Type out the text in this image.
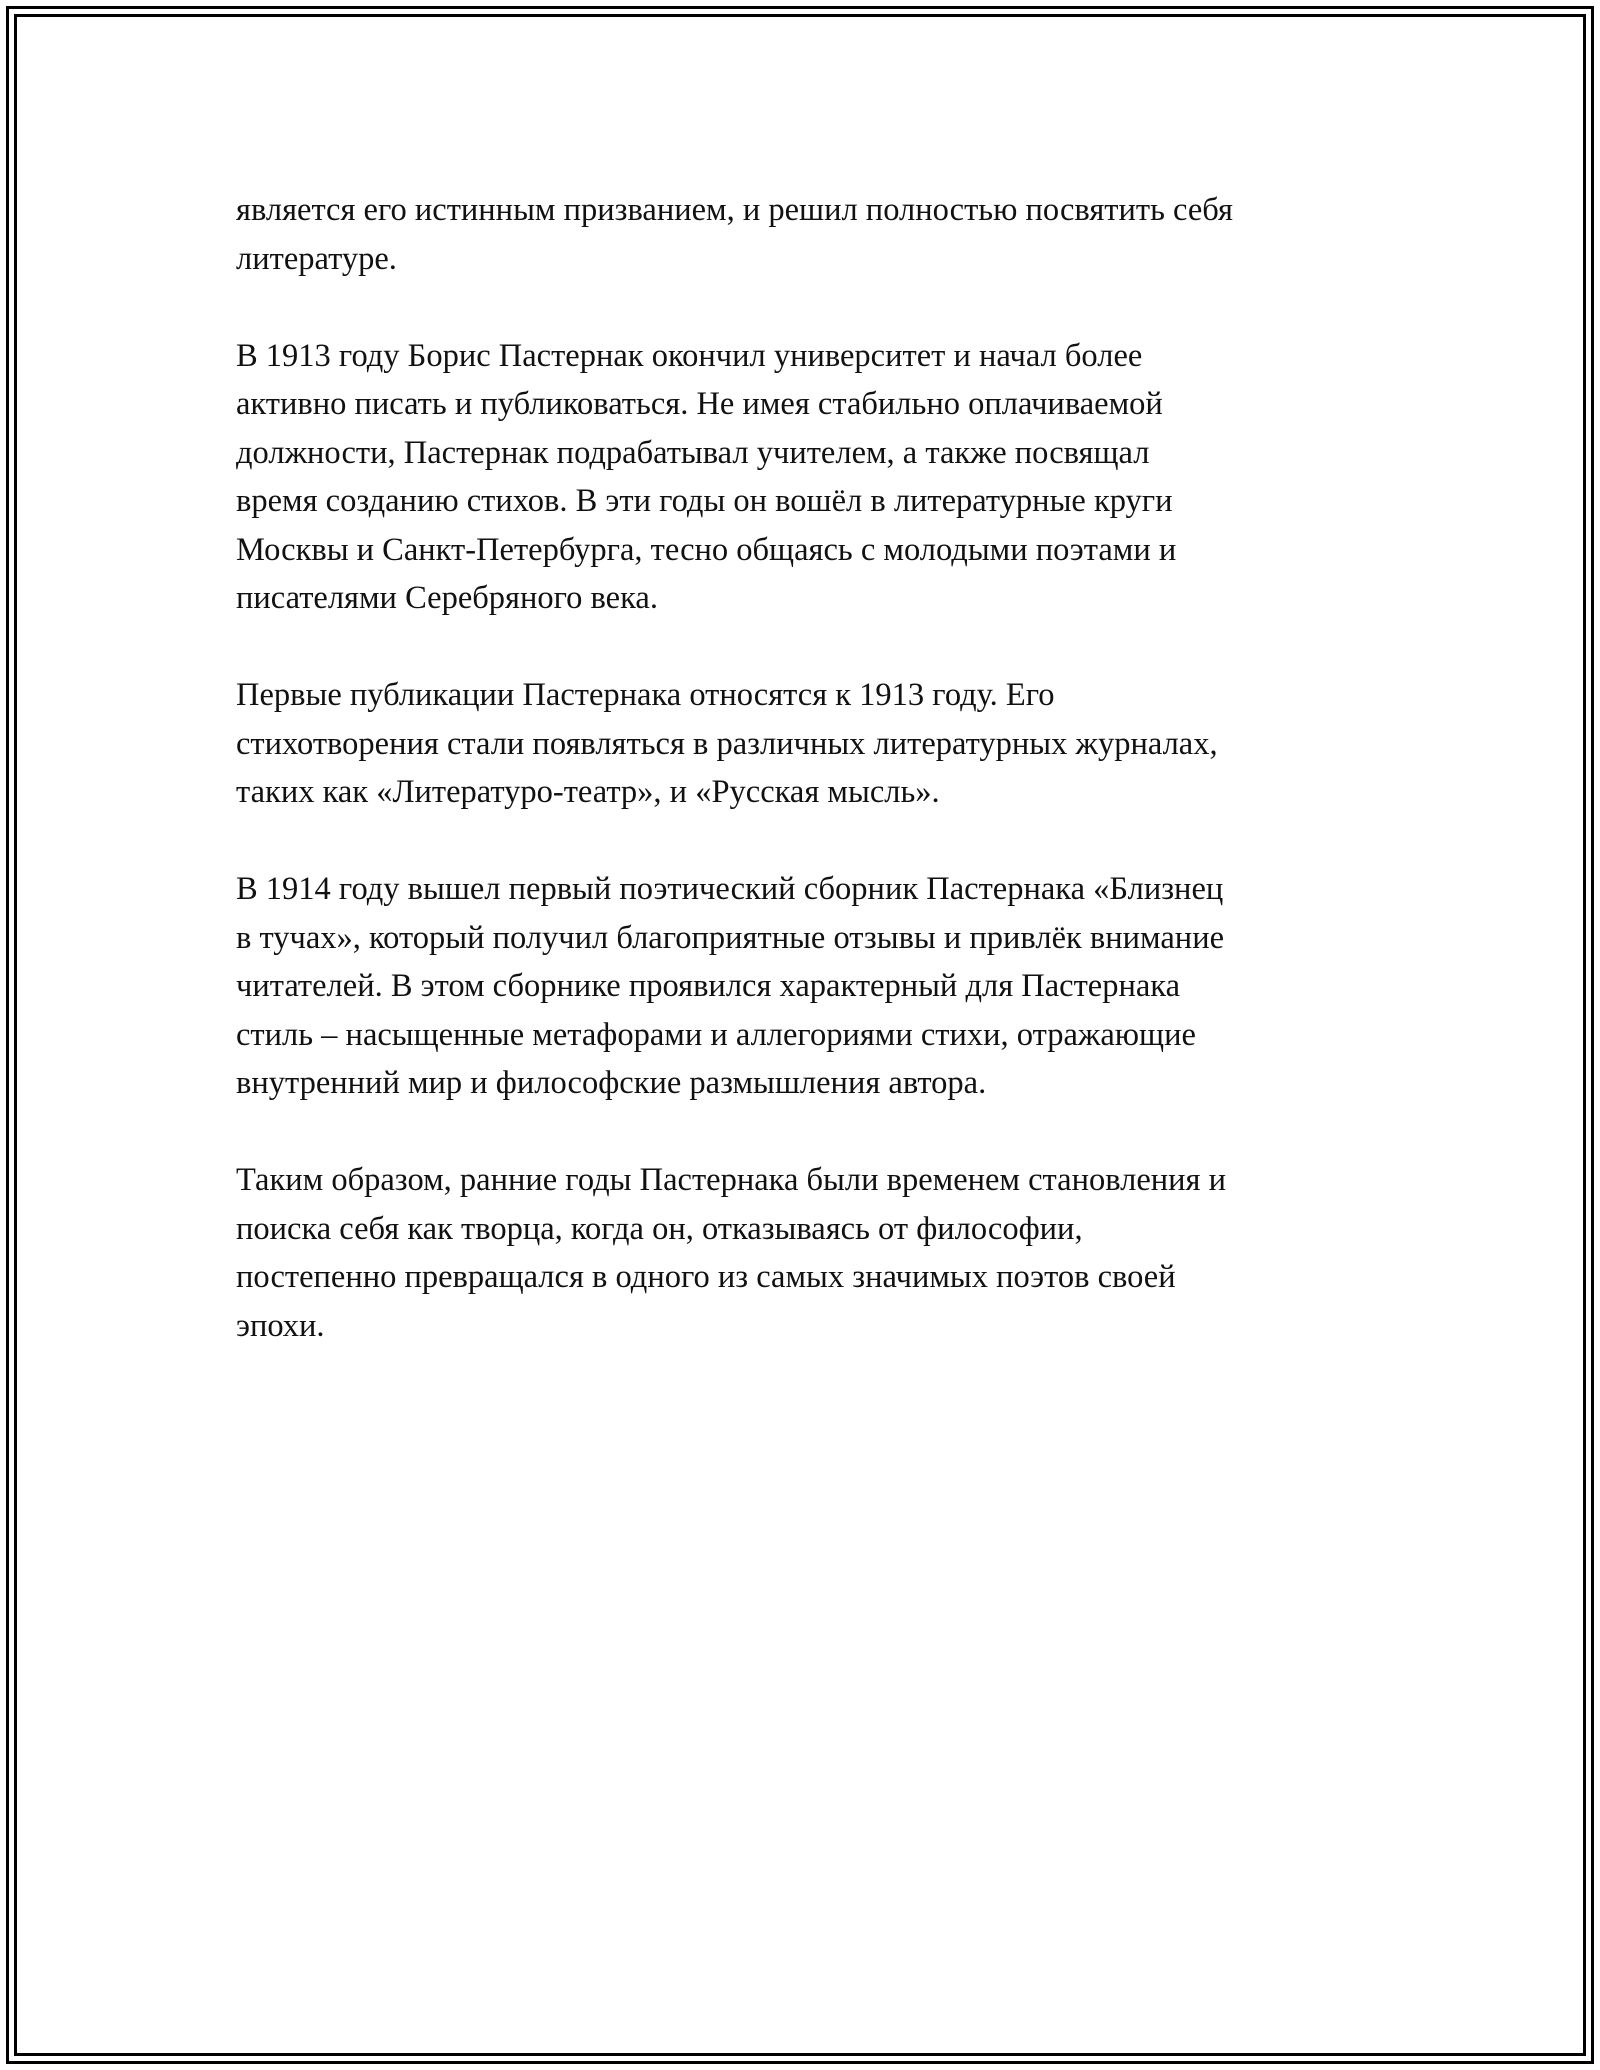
является его истинным призванием, и решил полностью посвятить себя
литературе.

В 1913 году Борис Пастернак окончил университет и начал более
активно писать и публиковаться. Не имея стабильно оплачиваемой
должности, Пастернак подрабатывал учителем, а также посвящал
время созданию стихов. В эти годы он вошёл в литературные круги
Москвы и Санкт-Петербурга, тесно общаясь с молодыми поэтами и
писателями Серебряного века.

Первые публикации Пастернака относятся к 1913 году. Его
стихотворения стали появляться в различных литературных журналах,
таких как «Литературо-театр», и «Русская мысль».

В 1914 году вышел первый поэтический сборник Пастернака «Близнец
в тучах», который получил благоприятные отзывы и привлёк внимание
читателей. В этом сборнике проявился характерный для Пастернака
стиль – насыщенные метафорами и аллегориями стихи, отражающие
внутренний мир и философские размышления автора.

Таким образом, ранние годы Пастернака были временем становления и
поиска себя как творца, когда он, отказываясь от философии,
постепенно превращался в одного из самых значимых поэтов своей
эпохи.
